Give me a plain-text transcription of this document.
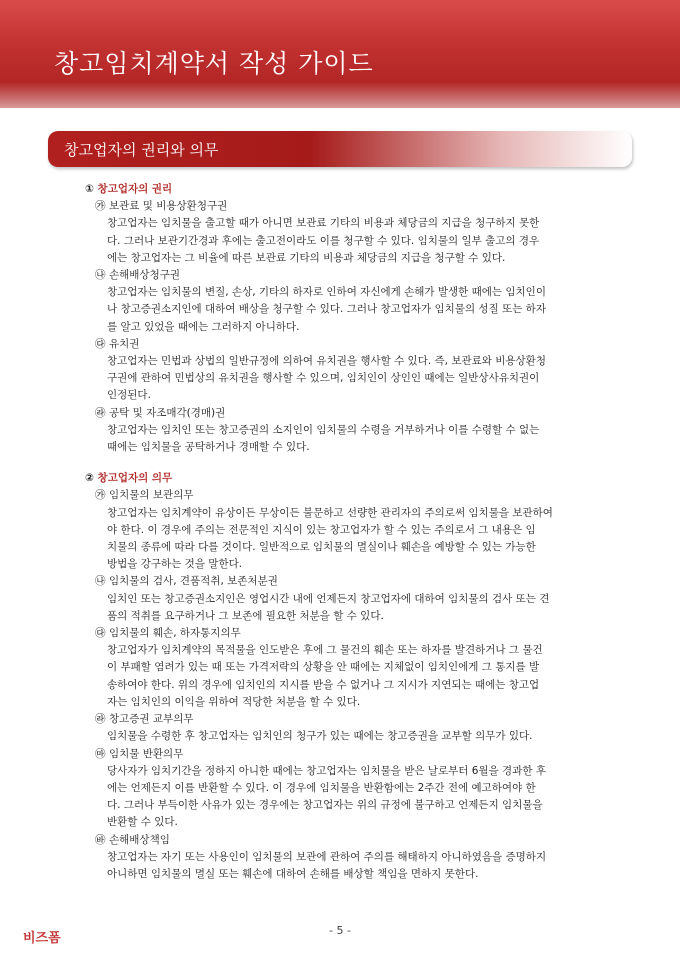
창고임치계약서 작성 가이드
창고업자의 권리와 의무

① 창고업자의 권리

㉮ 보관료 및 비용상환청구권

창고업자는 임치물을 출고할 때가 아니면 보관료 기타의 비용과 체당금의 지급을 청구하지 못한

다. 그러나 보관기간경과 후에는 출고전이라도 이를 청구할 수 있다. 임치물의 일부 출고의 경우

에는 창고업자는 그 비율에 따른 보관료 기타의 비용과 체당금의 지급을 청구할 수 있다.

㉯ 손해배상청구권

창고업자는 임치물의 변질, 손상, 기타의 하자로 인하여 자신에게 손해가 발생한 때에는 임치인이

나 창고증권소지인에 대하여 배상을 청구할 수 있다. 그러나 창고업자가 임치물의 성질 또는 하자

를 알고 있었을 때에는 그러하지 아니하다.

㉰ 유치권

창고업자는 민법과 상법의 일반규정에 의하여 유치권을 행사할 수 있다. 즉, 보관료와 비용상환청

구권에 관하여 민법상의 유치권을 행사할 수 있으며, 임치인이 상인인 때에는 일반상사유치권이

인정된다.

㉱ 공탁 및 자조매각(경매)권

창고업자는 임치인 또는 창고증권의 소지인이 임치물의 수령을 거부하거나 이를 수령할 수 없는

때에는 임치물을 공탁하거나 경매할 수 있다.

② 창고업자의 의무

㉮ 임치물의 보관의무

창고업자는 임치계약이 유상이든 무상이든 불문하고 선량한 관리자의 주의로써 임치물을 보관하여

야 한다. 이 경우에 주의는 전문적인 지식이 있는 창고업자가 할 수 있는 주의로서 그 내용은 임

치물의 종류에 따라 다를 것이다. 일반적으로 임치물의 멸실이나 훼손을 예방할 수 있는 가능한

방법을 강구하는 것을 말한다.

㉯ 임치물의 검사, 견품적취, 보존처분권

임치인 또는 창고증권소지인은 영업시간 내에 언제든지 창고업자에 대하여 임치물의 검사 또는 견

품의 적취를 요구하거나 그 보존에 필요한 처분을 할 수 있다.

㉰ 임치물의 훼손, 하자통지의무

창고업자가 임치계약의 목적물을 인도받은 후에 그 물건의 훼손 또는 하자를 발견하거나 그 물건

이 부패할 염려가 있는 때 또는 가격저락의 상황을 안 때에는 지체없이 임치인에게 그 통지를 발

송하여야 한다. 위의 경우에 임치인의 지시를 받을 수 없거나 그 지시가 지연되는 때에는 창고업

자는 임치인의 이익을 위하여 적당한 처분을 할 수 있다.

㉱ 창고증권 교부의무

임치물을 수령한 후 창고업자는 임치인의 청구가 있는 때에는 창고증권을 교부할 의무가 있다.

㉲ 임치물 반환의무

당사자가 임치기간을 정하지 아니한 때에는 창고업자는 임치물을 받은 날로부터 6월을 경과한 후

에는 언제든지 이를 반환할 수 있다. 이 경우에 임치물을 반환함에는 2주간 전에 예고하여야 한

다. 그러나 부득이한 사유가 있는 경우에는 창고업자는 위의 규정에 불구하고 언제든지 임치물을

반환할 수 있다.

㉳ 손해배상책임

창고업자는 자기 또는 사용인이 임치물의 보관에 관하여 주의를 해태하지 아니하였음을 증명하지

아니하면 임치물의 멸실 또는 훼손에 대하여 손해를 배상할 책임을 면하지 못한다.

비즈폼
- 5 -
